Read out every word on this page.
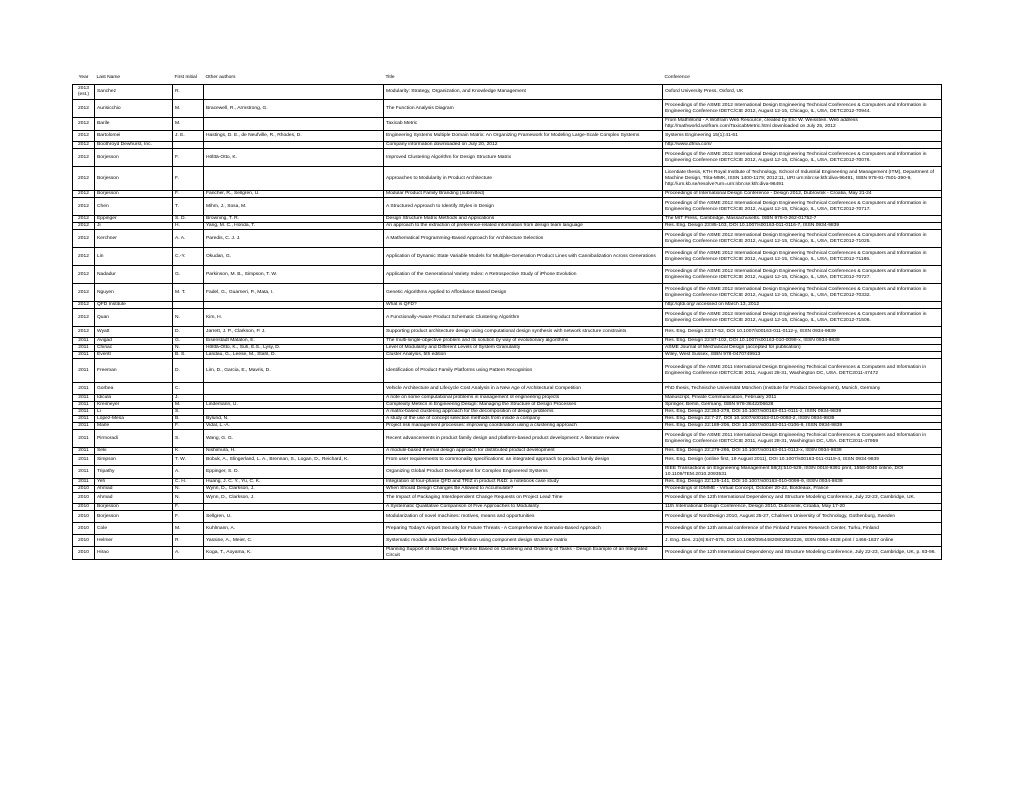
Year	Last Name	First Initial	Other authors	Title	Conference
2013
(est.)	Sanchez	R.		Modularity: Strategy, Organization, and Knowledge Management	Oxford University Press, Oxford, UK
2012	Aurisicchio	M.	Bracewell, R., Armstrong, G.	The Function Analysis Diagram	Proceedings of the ASME 2012 International Design Engineering Technical Conferences & Computers and Information in Engineering Conference IDETC/CIE 2012, August 12-15, Chicago, IL, USA, DETC2012-70944.
2012	Barile	M.		Taxicab Metric	From MathWorld - A Wolfram Web Resource, created by Eric W. Weisstein. Web address http://mathworld.wolfram.com/TaxicabMetric.html downloaded on July 25, 2012
2012	Bartolomei	J. E.	Hastings, D. E., de Neufville, R., Rhodes, D.	Engineering Systems Multiple Domain Matrix: An Organizing Framework for Modeling Large-Scale Complex Systems	Systems Engineering 15(1):41-61
2012	Boothroyd Dewhurst, Inc.			Company information downloaded on July 20, 2012	http://www.dfma.com/
2012	Borjesson	F.	Hölttä-Otto, K.	Improved Clustering Algorithm for Design Structure Matrix	Proceedings of the ASME 2012 International Design Engineering Technical Conferences & Computers and Information in Engineering Conference IDETC/CIE 2012, August 12-15, Chicago, IL, USA, DETC2012-70076.
2012	Borjesson	F.		Approaches to Modularity in Product Architecture	Licentiate thesis, KTH Royal Institute of Technology, School of Industrial Engineering and Management (ITM), Department of Machine Design, Trita-MMK, ISSN 1400-1179; 2012:11, URI urn:nbn:se:kth:diva-96491, ISBN 978-91-7501-390-9, http://urn.kb.se/resolve?urn=urn:nbn:se:kth:diva-96491
2012	Borjesson	F.	Fancher, R., Sellgren, U.	Modular Product Family Branding (submitted)	Proceedings of International Design Conference - Design 2012, Dubrovnik - Croatia, May 21-24
2012	Chen	T.	Mihm, J., Sosa, M.	A Structured Approach to Identify Styles in Design	Proceedings of the ASME 2012 International Design Engineering Technical Conferences & Computers and Information in Engineering Conference IDETC/CIE 2012, August 12-15, Chicago, IL, USA, DETC2012-70717.
2012	Eppinger	S. D.	Browning, T. R.	Design Structure Matrix Methods and Applications	The MIT Press, Cambridge, Massachusetts. ISBN 978-0-262-01752-7
2012	Ji	H.	Yang, M. C., Honda, T.	An approach to the extraction of preference-related information from design team language	Res. Eng. Design 23:85-103, DOI 10.1007/s00163-011-0116-7, ISSN 0934-9839
2012	Kerchner	A. A.	Paredis, C. J. J.	A Mathematical Programming-Based Approach for Architecture Selection	Proceedings of the ASME 2012 International Design Engineering Technical Conferences & Computers and Information in Engineering Conference IDETC/CIE 2012, August 12-15, Chicago, IL, USA, DETC2012-71025.
2012	Lin	C.-Y.	Okudan, G.	Application of Dynamic State Variable Models for Multiple-Generation Product Lines with Cannibalization Across Generations	Proceedings of the ASME 2012 International Design Engineering Technical Conferences & Computers and Information in Engineering Conference IDETC/CIE 2012, August 12-15, Chicago, IL, USA, DETC2012-71186.
2012	Nadadur	G.	Parkinson, M. B., Simpson, T. W.	Application of the Generational Variety Index: A Retrospective Study of iPhone Evolution	Proceedings of the ASME 2012 International Design Engineering Technical Conferences & Computers and Information in Engineering Conference IDETC/CIE 2012, August 12-15, Chicago, IL, USA, DETC2012-70727.
2012	Nguyen	M. T.	Fadel, G., Guarneri, P., Mata, I.	Genetic Algorithms Applied to Affordance Based Design	Proceedings of the ASME 2012 International Design Engineering Technical Conferences & Computers and Information in Engineering Conference IDETC/CIE 2012, August 12-15, Chicago, IL, USA, DETC2012-70332.
2012	QFD Institute			What is QFD?	http://qfdi.org/ accessed on March 13, 2012
2012	Quan	N.	Kim, H.	A Functionally-Aware Product Schematic Clustering Algorithm	Proceedings of the ASME 2012 International Design Engineering Technical Conferences & Computers and Information in Engineering Conference IDETC/CIE 2012, August 12-15, Chicago, IL, USA, DETC2012-71506.
2012	Wyatt	D.	Jarrett, J. P., Clarkson, P. J.	Supporting product architecture design using computational design synthesis with network structure constraints	Res. Eng. Design 23:17-52, DOI 10.1007/s00163-011-0112-y, ISSN 0934-9839
2011	Avigad	G.	Eisenstadt Matalon, E.	The multi-single-objective problem and its solution by way of evolutionary algorithms	Res. Eng. Design 22:87-102, DOI 10.1007/s00163-010-0098-x, ISSN 0934-9839
2011	Chiriac	N.	Hölttä-Otto, K., Suh, E.S., Lysy, D.	Level of Modularity and Different Levels of System Granularity	ASME Journal of Mechanical Design (accepted for publication)
2011	Everitt	B. S.	Landau, G., Leese, M., Stahl, D.	Cluster Analysis, 5th edition	Wiley, West Sussex, ISBN 978-0470749913
2011	Freeman	D.	Lim, D., Garcia, E., Mavris, D.	Identification of Product Family Platforms using Pattern Recognition	Proceedings of the ASME 2011 International Design Engineering Technical Conferences & Computers and Information in Engineering Conference IDETC/CIE 2011, August 28-31, Washington DC, USA. DETC2011-47472
2011	Gorbea	C.		Vehicle Architecture and Lifecycle Cost Analysis in a New Age of Architectural Competition	PhD thesis, Technische Universität München (Institute for Product Development), Munich, Germany
2011	Idicula	J.		A note on some computational problems in management of engineering projects	Manuscript, Private Communication, February 2011
2011	Kreimeyer	M.	Lindemann, U.	Complexity Metrics in Engineering Design: Managing the Structure of Design Processes	Springer, Berlin, Germany, ISBN 978-3642206628
2011	Li	S.		A matrix-based clustering approach for the decomposition of design problems	Res. Eng. Design 22:263-278, DOI 10.1007/s00163-011-0111-z, ISSN 0934-9839
2011	López-Mesa	B.	Bylund, N.	A study of the use of concept selection methods from inside a company	Res. Eng. Design 22:7-27, DOI 10.1007/s00163-010-0093-2, ISSN 0934-9839
2011	Marle	F.	Vidal, L.-A.	Project risk management processes: improving coordination using a clustering approach	Res. Eng. Design 22:189-206, DOI 10.1007/s00163-011-0106-9, ISSN 0934-9839
2011	Pirmoradi	S.	Wang, G. G.	Recent advancements in product family design and platform-based product development: A literature review	Proceedings of the ASME 2011 International Design Engineering Technical Conferences & Computers and Information in Engineering Conference IDETC/CIE 2011, August 28-31, Washington DC, USA. DETC2011-47959
2011	Seki	K.	Nishimura, H.	A module-based thermal design approach for distributed product development	Res. Eng. Design 22:279-295, DOI 10.1007/s00163-011-0113-x, ISSN 0934-9839
2011	Simpson	T. W.	Bobuk, A., Slingerland, L. A., Brennan, S., Logan, D., Reichard, K.	From user requirements to commonality specifications: an integrated approach to product family design	Res. Eng. Design (online first, 19 August 2011), DOI 10.1007/s00163-011-0119-4, ISSN 0934-9839
2011	Tripathy	A.	Eppinger, S. D.	Organizing Global Product Development for Complex Engineered Systems	IEEE Transactions on Engineering Management 58(3):510-529, ISSN 0018-9391 print, 1558-0040 online, DOI 10.1109/TEM.2010.2093531
2011	Yeh	C. H.	Huang, J. C. Y., Yu, C. K.	Integration of four-phase QFD and TRIZ in product R&D: a notebook case study	Res. Eng. Design 22:125-141, DOI 10.1007/s00163-010-0099-9, ISSN 0934-9839
2010	Ahmad	N.	Wynn, D., Clarkson, J.	When Should Design Changes Be Allowed to Accumulate?	Proceedings of IDMME - Virtual Concept, October 20-22, Bordeaux, France
2010	Ahmad	N.	Wynn, D., Clarkson, J.	The Impact of Packaging Interdependent Change Requests on Project Lead Time	Proceedings of the 12th International Dependency and Structure Modeling Conference, July 22-23, Cambridge, UK.
2010	Borjesson	F.		A Systematic Qualitative Comparison of Five Approaches to Modularity	11th International Design Conference, Design 2010, Dubrovnik, Croatia, May 17-20
2010	Borjesson	F.	Sellgren, U.	Modularization of novel machines: motives, means and opportunities	Proceedings of NordDesign 2010, August 25-27, Chalmers University of Technology, Gothenburg, Sweden
2010	Cole	M.	Kuhlmann, A.	Preparing Today's Airport Security for Future Threats - A Comprehensive Scenario-Based Approach	Proceedings of the 12th annual conference of the Finland Futures Research Center, Turku, Finland
2010	Helmer	R	Yassine, A., Meier, C.	Systematic module and interface definition using component design structure matrix	J. Eng. Des. 21(6):647-675, DOI 10.1080/09544820802563226, ISSN 0954-4828 print / 1466-1837 online
2010	Hirao	A.	Koga, T., Aoyama, K.	Planning Support of Initial Design Process Based on Clustering and Ordering of Tasks - Design Example of an Integrated Circuit	Proceedings of the 12th International Dependency and Structure Modeling Conference, July 22-23, Cambridge, UK, p. 83-96.
